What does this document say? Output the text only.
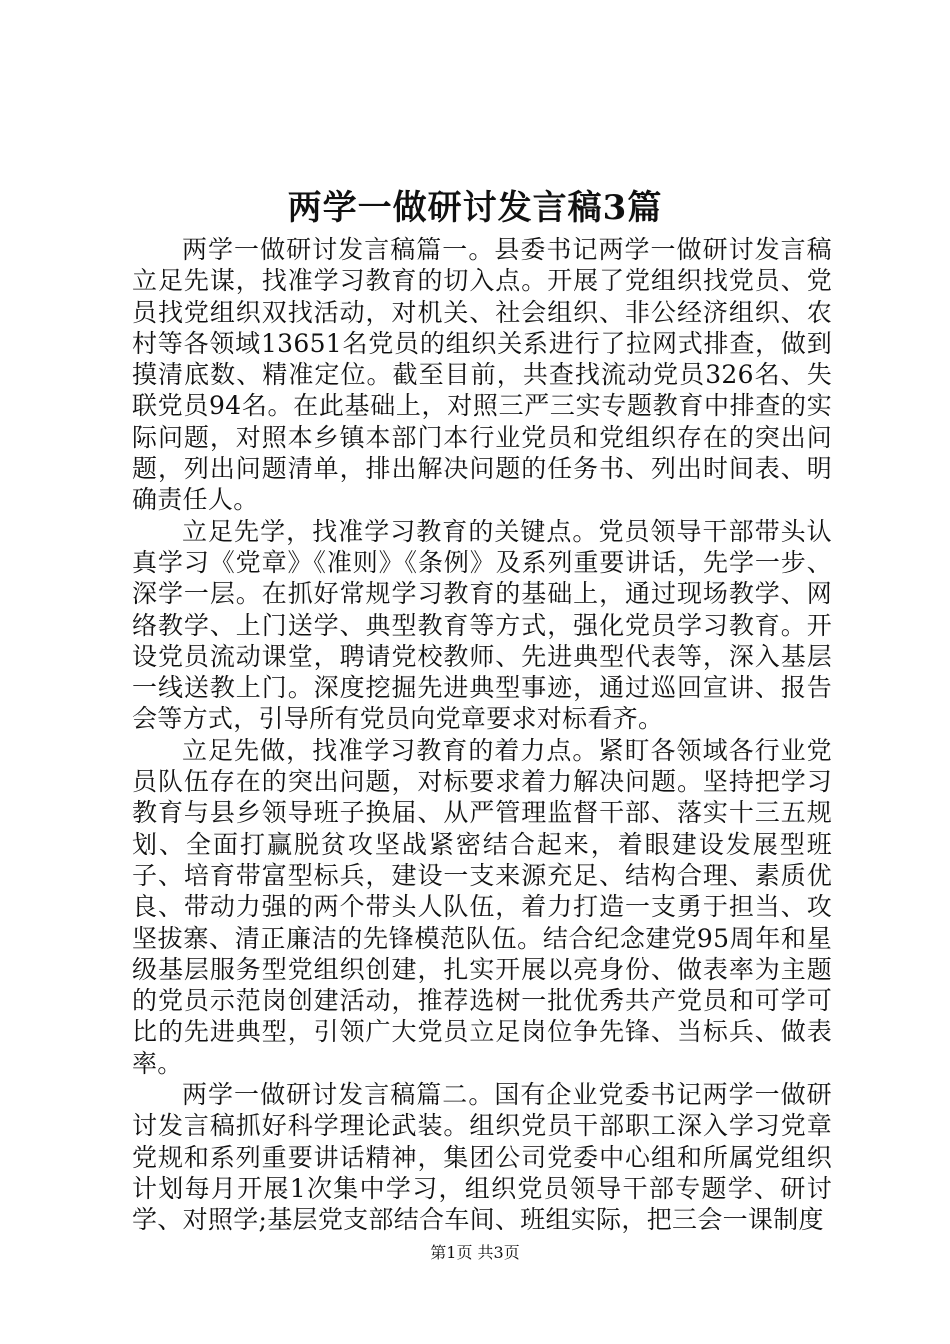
两学一做研讨发言稿3篇

两学一做研讨发言稿篇一。县委书记两学一做研讨发言稿立足先谋，找准学习教育的切入点。开展了党组织找党员、党员找党组织双找活动，对机关、社会组织、非公经济组织、农村等各领域13651名党员的组织关系进行了拉网式排查，做到摸清底数、精准定位。截至目前，共查找流动党员326名、失联党员94名。在此基础上，对照三严三实专题教育中排查的实际问题，对照本乡镇本部门本行业党员和党组织存在的突出问题，列出问题清单，排出解决问题的任务书、列出时间表、明确责任人。

立足先学，找准学习教育的关键点。党员领导干部带头认真学习《党章》《准则》《条例》及系列重要讲话，先学一步、深学一层。在抓好常规学习教育的基础上，通过现场教学、网络教学、上门送学、典型教育等方式，强化党员学习教育。开设党员流动课堂，聘请党校教师、先进典型代表等，深入基层一线送教上门。深度挖掘先进典型事迹，通过巡回宣讲、报告会等方式，引导所有党员向党章要求对标看齐。

立足先做，找准学习教育的着力点。紧盯各领域各行业党员队伍存在的突出问题，对标要求着力解决问题。坚持把学习教育与县乡领导班子换届、从严管理监督干部、落实十三五规划、全面打赢脱贫攻坚战紧密结合起来，着眼建设发展型班子、培育带富型标兵，建设一支来源充足、结构合理、素质优良、带动力强的两个带头人队伍，着力打造一支勇于担当、攻坚拔寨、清正廉洁的先锋模范队伍。结合纪念建党95周年和星级基层服务型党组织创建，扎实开展以亮身份、做表率为主题的党员示范岗创建活动，推荐选树一批优秀共产党员和可学可比的先进典型，引领广大党员立足岗位争先锋、当标兵、做表率。

两学一做研讨发言稿篇二。国有企业党委书记两学一做研讨发言稿抓好科学理论武装。组织党员干部职工深入学习党章党规和系列重要讲话精神，集团公司党委中心组和所属党组织计划每月开展1次集中学习，组织党员领导干部专题学、研讨学、对照学;基层党支部结合车间、班组实际，把三会一课制度

第1页 共3页
